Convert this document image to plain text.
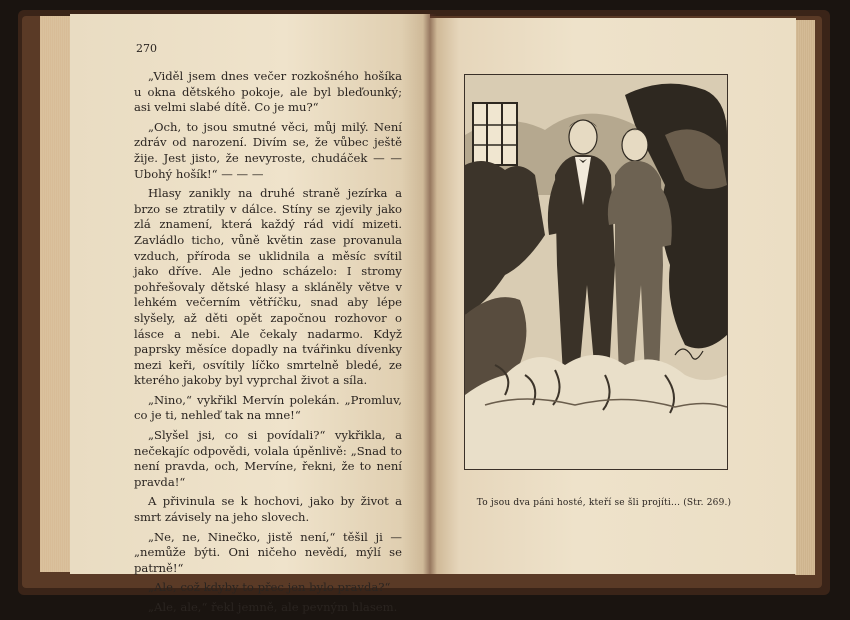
270

„Viděl jsem dnes večer rozkošného hošíka u okna dětského pokoje, ale byl bleďounký; asi velmi slabé dítě. Co je mu?“

„Och, to jsou smutné věci, můj milý. Není zdráv od narození. Divím se, že vůbec ještě žije. Jest jisto, že nevyroste, chudáček — — Ubohý hošík!“ — — —

Hlasy zanikly na druhé straně jezírka a brzo se ztratily v dálce. Stíny se zjevily jako zlá znamení, která každý rád vidí mizeti. Zavládlo ticho, vůně květin zase provanula vzduch, příroda se uklidnila a měsíc svítil jako dříve. Ale jedno scházelo: I stromy pohřešovaly dětské hlasy a skláněly větve v lehkém večerním větříčku, snad aby lépe slyšely, až děti opět započnou rozhovor o lásce a nebi. Ale čekaly nadarmo. Když paprsky měsíce dopadly na tvářinku dívenky mezi keři, osvítily líčko smrtelně bledé, ze kterého jakoby byl vyprchal život a síla.

„Nino,“ vykřikl Mervín polekán. „Promluv, co je ti, nehleď tak na mne!“

„Slyšel jsi, co si povídali?“ vykřikla, a nečekajíc odpovědi, volala úpěnlivě: „Snad to není pravda, och, Mervíne, řekni, že to není pravda!“

A přivinula se k hochovi, jako by život a smrt závisely na jeho slovech.

„Ne, ne, Ninečko, jistě není,“ těšil ji — „nemůže býti. Oni ničeho nevědí, mýlí se patrně!“

„Ale, což kdyby to přec jen bylo pravda?“

„Ale, ale,“ řekl jemně, ale pevným hlasem.

To jsou dva páni hosté, kteří se šli projíti... (Str. 269.)
